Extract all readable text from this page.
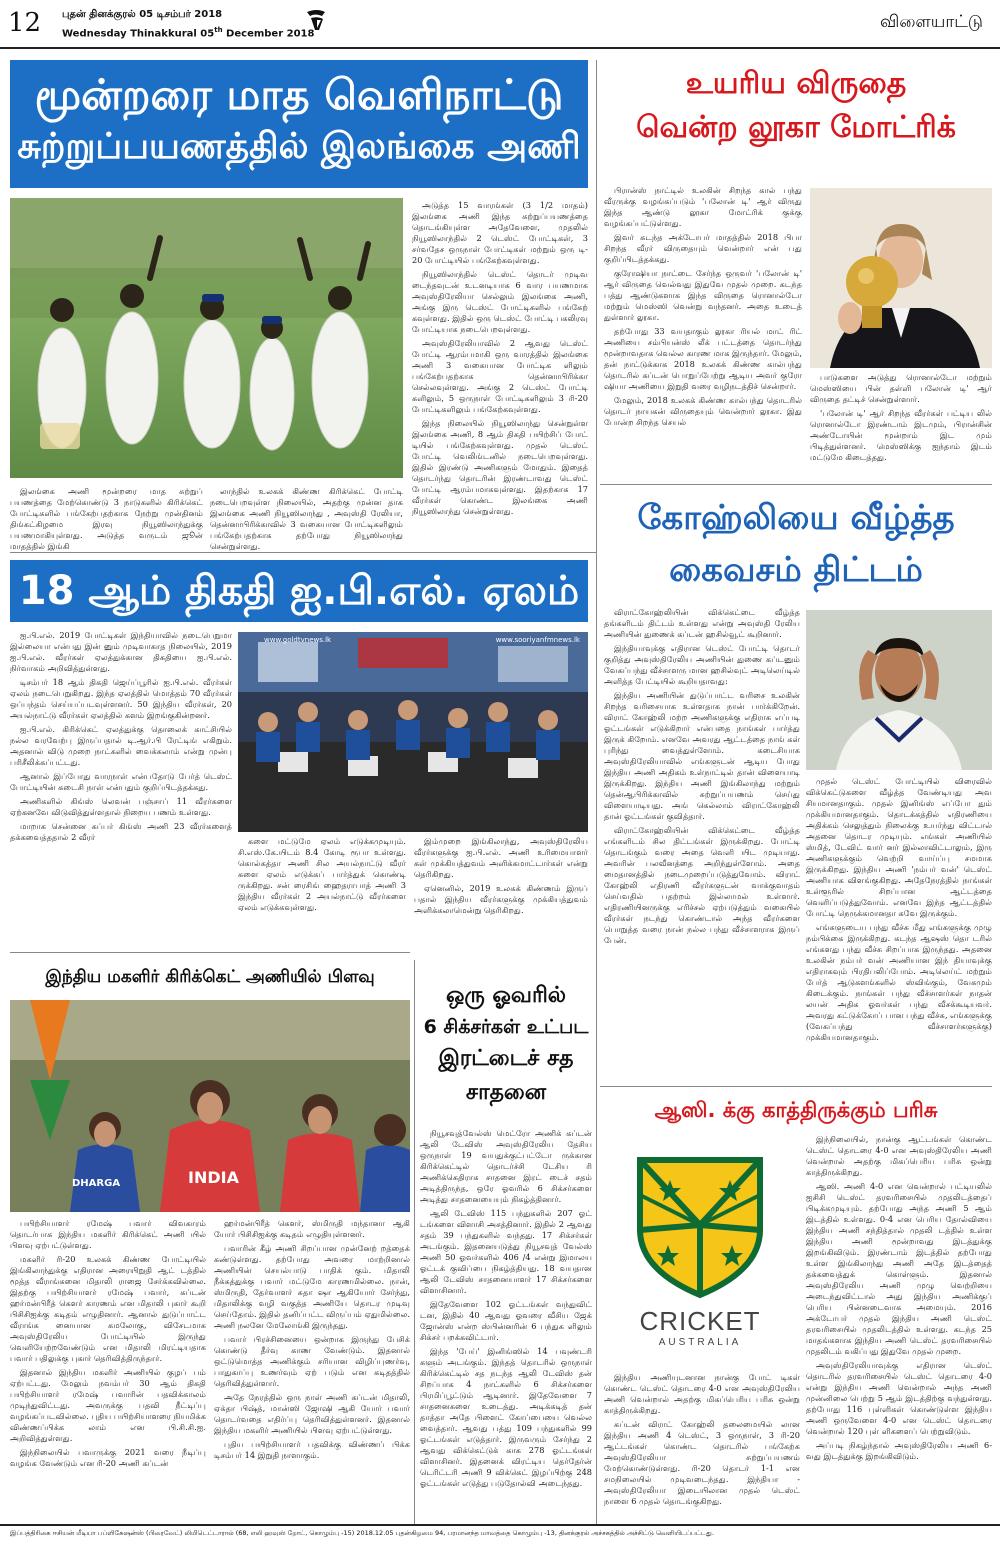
12 புதன் தினக்குரல் 05 டிசம்பர் 2018
Wednesday Thinakkural 05th December 2018
விளையாட்டு
மூன்றரை மாத வெளிநாட்டு
சுற்றுப்பயணத்தில் இலங்கை அணி

இலங்கை அணி மூன்றரை மாத சுற்றுப் பயணத்தை மேற்கொண்டு 3 நாடுகளில் கிரிக்கெட் போட்டிகளில் பங்கேற்பதற்காக நேற்று முன்தினம் திங்கட்கிழமை இரவு நியூஸிலாந்துக்கு பயணமாகியுள்ளது. அடுத்த வருடம் ஜூன் மாதத்தில் இங்கி

லாந்தில் உலகக் கிண்ண கிரிக்கெட் போட்டி நடைபெறவுள்ள நிலையில், அதற்கு முன்ன தாக இலங்கை அணி நியூஸிலாந்து , அவுஸ்தி ரேலியா, தென்னாபிரிக்காவில் 3 வகையான போட்டிகளிலும் பங்கேற்பதற்காக தற்போது நியூஸிலாந்து சென்றுள்ளது.

அடுத்த 15 வாரங்கள் (3 1/2 மாதம்) இலங்கை அணி இந்த சுற்றுப்பயணத்தை தொடங்கியுள்ள அதேவேளை, முதலில் நியூஸிலாந்தில் 2 டெஸ்ட் போட்டிகள், 3 சர்வதேச ஒருநாள் போட்டிகள் மற்றும் ஒரு டி- 20 போட்டியில் பங்கேற்கவுள்ளது.

நியூஸிலாந்தில் டெஸ்ட் தொடர் முடிவ டைந்தவுடன் உடனடியாக 6 வார பயணமாக அவுஸ்திரேலியா செல்லும் இலங்கை அணி, அங்கு இரு டெஸ்ட் போட்டிகளில் பங்கேற் கவுள்ளது. இதில் ஒரு டெஸ்ட் போட்டி பகலிரவு போட்டியாக நடைபெறவுள்ளது.

அவுஸ்திரேலியாவில் 2 ஆவது டெஸ்ட் போட்டி ஆரம்பமாகி ஒரு வாரத்தில் இலங்கை அணி 3 வகையான போட்டிக ளிலும் பங்கேற்பதற்காக தென்னாபிரிக்கா செல்லவுள்ளது. அங்கு 2 டெஸ்ட் போட்டி களிலும், 5 ஒருநாள் போட்டிகளிலும் 3 ரி-20 போட்டிகளிலும் பங்கேற்கவுள்ளது.

இந்த நிலையில் நியூஸிலாந்து சென்றுள்ள இலங்கை அணி, 8 ஆம் திகதி பயிற்சிப் போட் டியில் பங்கேற்கவுள்ளது. முதல் டெஸ்ட் போட்டி வெலிங்டனில் நடைபெறவுள்ளது. இதில் இரண்டு அணிகளும் மோதும். இதைத் தொடர்ந்து தொடரின் இரண்டாவது டெஸ்ட் போட்டி ஆரம்பமாகவுள்ளது. இதற்காக 17 வீரர்கள் கொண்ட இலங்கை அணி நியூஸிலாந்து சென்றுள்ளது.

உயரிய விருதை
வென்ற லூகா மோட்ரிக்

பிரான்ஸ் நாட்டில் உலகின் சிறந்த கால் பந்து வீரருக்கு வழங்கப்படும் 'பலோன் டி' ஆர் விருது இந்த ஆண்டு லூகா மோட்ரிக் குக்கு வழங்கப்பட்டுள்ளது.

இவர் கடந்த அக்டோபர் மாதத்தில் 2018 பிபா சிறந்த வீரர் விருதையும் வென்றார் என் பது குறிப்பிடத்தக்கது.

குரோஷியா நாட்டை சேர்ந்த ஒருவர் 'பலோன் டி' ஆர் விருதை வெல்வது இதுவே முதல் முறை. கடந்த பத்து ஆண்டுகளாக இந்த விருதை ரொனால்டோ மற்றும் மெஸ்ஸி வென்று வந்தனர். அதை உடைத் துள்ளார் லூகா.

தற்போது 33 வயதாகும் லூகா ரியல் மாட் ரிட் அணியை சம்பியன்ஸ் லீக் பட்டத்தை தொடர்ந்து மூன்றாவதாக வெல்ல காரண மாக இருந்தார். மேலும், தன் நாட்டுக்காக 2018 உலகக் கிண்ண கால்பந்து தொடரில் கப்டன் பொறுப்பேற்று ஆடிய அவர் குரோ ஷியா அணியை இறுதி வரை வழிநடத்திச் சென்றார்.

மேலும், 2018 உலகக் கிண்ண கால்பந்து தொடரில் தொடர் நாயகன் விருதையும் வென்றார் லூகா. இது போன்ற சிறந்த செயல்

பாடுகளை அடுத்து ரொனால்டோ மற்றும் மெஸ்ஸியை பின் தள்ளி பலோன் டி' ஆர் விருதை தட்டிச் சென்றுள்ளார்.

'பலோன் டி' ஆர் சிறந்த வீரர்கள் பட்டிய லில் ரொனால்டோ இரண்டாம் இடமும், பிரான்சின் அண்டோயின் மூன்றாம் இட மும் பிடித்துள்ளனர். மெஸ்ஸிக்கு ஐந்தாம் இடம் மட்டுமே கிடைத்தது.

கோஹ்லியை வீழ்த்த
கைவசம் திட்டம்

விராட்கோஹ்லியின் விக்கெட்டை வீழ்த்த தங்களிடம் திட்டம் உள்ளது என்று அவுஸ்தி ரேலிய அணியின் துணைக் கப்டன் ஹசில்வூட் கூறினார்.

இந்தியாவுக்கு எதிரான டெஸ்ட் போட்டி தொடர் குறித்து அவுஸ்திரேலிய அணியின் துணை கப்டனும் வேகப்பந்து வீச்சாளரு மான ஹசில்வுட் அடிலெய்டில் அளித்த பேட்டியில் கூறியதாவது:

இந்திய அணியின் துடுப்பாட்ட வரிசை உலகின் சிறந்த வரிசையாக உள்ளதாக நான் பார்க்கிறேன். விராட் கோஹ்லி மற்ற அணிகளுக்கு எதிராக எப்படி ஓட்டங்கள் எடுக்கிறார் என்பதை நாங்கள் பார்த்து இருக் கிறோம். எனவே அவரது ஆட்டத்தை நாங் கள் புரிந்து வைத்துள்ளோம். கடைசியாக அவுஸ்திரேலியாவில் எங்களுடன் ஆடிய போது இந்திய அணி அதிகம் உள்நாட்டில் தான் விளையாடி இருக்கிறது. இந்திய அணி இங்கிலாந்து மற்றும் தென்ஆபிரிக்காவில் சுற்றுப்பயணம் செய்து விளையாடியது. அங் கெல்லாம் விராட்கோஹ்லி தான் ஓட்டங்கள் குவித்தார்.

விராட்கோஹ்லியின் விக்கெட்டை வீழ்த்த எங்களிடம் சில திட்டங்கள் இருக்கிறது. போட்டி தொடங்கும் வரை அதை வெளி யிட முடியாது. அவரின் பலவீனத்தை அறிந்துள்ளோம். அதை மைதானத்தில் நடைமுறைப்படுத்துவோம். விராட் கோஹ்லி எதிரணி வீரர்களுடன் வாக்குவாதம் செய்வதில் பதற்றம் இல்லாமல் உள்ளார். எதிரணியினருக்கு எரிச்சல் ஏற்படுத்தும் வகையில் வீரர்கள் நடந்து கொண்டால் அந்த வீரர்களை பொறுத்த வரை நான் நல்ல பந்து வீச்சாளராக இருப் பேன்.

முதல் டெஸ்ட் போட்டியில் விரைவில் விக்கெட்டுகளை வீழ்த்த வேண்டியது அவ சியமானதாகும். முதல் இனிங்ஸ் எப்போ தும் முக்கியமானதாகும். தொடக்கத்தில் எதிரணியை அதிக்கம் செலுத்தும் நிலைக்கு உயர்ந்து விட்டால் அதனை தொடர முடியும். எங்கள் அணியில் ஸ்மித், டேவிட் வார் னர் இல்லாவிட்டாலும், இரு அணிகளுக்கும் வெற்றி வாய்ப்பு சமமாக இருக்கிறது. இந்திய அணி 'நம்பர் வன்' டெஸ்ட் அணியாக விளங்குகிறது. அதேநேரத்தில் நாங்கள் உள்ளூரில் சிறப்பான ஆட்டத்தை வெளிப்படுத்துவோம். எனவே இந்த ஆட்டத்தில் போட்டி நெருக்கமானதா கவே இருக்கும்.

எங்களுடைய பந்து வீச்சு மீது எங்களுக்கு முழு நம்பிக்கை இருக்கிறது. கடந்த ஆஷஸ் தொ டரில் எங்களது பந்து வீச்சு சிறப்பாக இருந்தது. அதனை உலகின் நம்பர் வன் அணியான இந் தியாவுக்கு எதிராகவும் பிரதிபலிப்போம். அடிலெய்ட் மற்றும் பேர்த் ஆடுகளங்களில் ஸ்விங்கும், வேகமும் கிடைக்கும். நாங்கள் பந்து வீச்சாளர்கள் நாதன் லயன் அதிக ஓவர்கள் பந்து வீசக்கூடியவர். அவரது கட்டுக்கோப் பான பந்து வீச்சு, எங்களுக்கு (வேகப்பந்து வீச்சாளர்களுக்கு) முக்கியமானதாகும்.

18 ஆம் திகதி ஐ.பி.எல். ஏலம்

ஐ.பி.எல். 2019 போட்டிகள் இந்தியாவில் நடைபெறுமா இல்லையா என்பது இன் னும் முடிவாகாத நிலையில், 2019 ஐ.பி.எல். வீரர்கள் ஏலத்துக்கான திகதியை ஐ.பி.எல். நிர்வாகம் அறிவித்துள்ளது.

டிசம்பர் 18 ஆம் திகதி ஜெய்ப்பூரில் ஐ.பி.எல். வீரர்கள் ஏலம் நடைபெறுகிறது. இந்த ஏலத்தில் மொத்தம் 70 வீரர்கள் ஒப்பந்தம் செய்யப்படவுள்ளனர். 50 இந்திய வீரர்கள், 20 அயல்நாட்டு வீரர்கள் ஏலத்தில் களம் இறங்குகின்றனர்.

ஐ.பி.எல். கிரிக்கெட் ஏலத்துக்கு தொலைக் காட்சியில் நல்ல வரவேற்பு இருப்பதால் டி.ஆர்.பி ரேட்டிங் எகிறும். அதனால் விடு முறை நாட்களில் வைக்கலாம் என்று முன்பு பரிசீலிக்கப்பட்டது.

ஆனால் இப்போது வாரநாள் என்பதோடு பேர்த் டெஸ்ட் போட்டியின் கடைசி நாள் என்பதும் குறிப்பிடத்தக்கது.

அணிகளில் கிங்ஸ் லெவன் பஞ்சாப் 11 வீரர்களை ஏற்கனவே விடுவித்துள்ளதால் நிறைய பணம் உள்ளது.

மாறாக சென்னை சுப்பர் கிங்ஸ் அணி 23 வீரர்களைத் தக்கவைத்ததால் 2 வீரர்

www.goldtvnews.lk	www.sooriyanfmnews.lk

களை மட்டுமே ஏலம் எடுக்கமுடியும். சி.எஸ்.கே.யிடம் 8.4 கோடி ரூபா உள்ளது. கொல்கத்தா அணி சில அயல்நாட்டு வீரர் களை ஏலம் எடுக்கப் பார்த்துக் கொண்டி ருக்கிறது. சன் ரைசிங் ஹைதராபாத் அணி 3 இந்திய வீரர்கள் 2 அயல்நாட்டு வீரர்களை ஏலம் எடுக்கவுள்ளது.

இம்முறை இங்கிலாந்து, அவுஸ்திரேலிய வீரர்களுக்கு ஐ.பி.எல். அணி உரிமையாளர் கள் முக்கியத்துவம் அளிக்கமாட்டார்கள் என்று தெரிகிறது.

ஏனெனில், 2019 உலகக் கிண்ணம் இருப் பதால் இந்திய வீரர்களுக்கு முக்கியத்துவம் அளிக்கலாமென்று தெரிகிறது.

இந்திய மகளிர் கிரிக்கெட் அணியில் பிளவு
INDIA
DHARGA

பயிற்சியாளர் ரமேஷ் பவார் விவகாரம் தொடர்பாக இந்திய மகளிர் கிரிக்கெட் அணி யில் பிளவு ஏற்பட்டுள்ளது.

மகளிர் ரி-20 உலகக் கிண்ண போட்டியில் இங்கிலாந்துக்கு எதிரான அரையிறுதி ஆட் டத்தில் மூத்த வீராங்கனை மிதாலி ராஜை சேர்க்கவில்லை. இதற்கு பயிற்சியாளர் ரமேஷ் பவார், கப்டன் ஹர்மன்பிரீத் கௌர் காரணம் என மிதாலி புகார் கூறி பிசிசிஐக்கு கடிதம் எழுதினார். ஆனால் துடுப்பாட்ட வீராங்க னையான கமலோகு, விசேடமாக அவுஸ்திரேலிய போட்டியில் இருந்து வெளியேற்றவேண்டும் என மிதாலி மிரட்டியதாக பவார் பதிலுக்கு புகார் தெரிவித்திருந்தார்.

இதனால் இந்திய மகளிர் அணியில் குழப் பம் ஏற்பட்டது. மேலும் நவம்பர் 30 ஆம் திகதி பயிற்சியாளர் ரமேஷ் பவாரின் பதவிக்காலம் முடிந்துவிட்டது. அவருக்கு பதவி நீட்டிப்பு வழங்கப்படவில்லை. புதிய பயிற்சியாளரை நியமிக்க விண்ணப்பிக்க லாம் என பி.சி.சி.ஐ. அறிவித்துள்ளது.

இந்நிலையில் பவாருக்கு 2021 வரை நீடிப்பு வழங்க வேண்டும் என ரி-20 அணி கப்டன்

ஹர்மன்பிரீத் கௌர், ஸ்மிருதி மந்தானா ஆகி யோர் பிசிசிஐக்கு கடிதம் எழுதியுள்ளனர்.

பவாரின் கீழ் அணி சிறப்பான முன்னேற் றத்தைக் கண்டுள்ளது. தற்போது அவரை மாற்றினால் அணியின் செயல்பாடு பாதிக் கும். மிதாலி நீக்கத்துக்கு பவார் மட்டுமே காரணமில்லை. நான், ஸ்மிருதி, தேர்வாளர் சுதா ஷா ஆகியோர் சேர்ந்து, மிதாலிக்கு வழி வகுத்த அணியே தொடர முடிவு செய்தோம். இதில் தனிப்பட்ட விருப்பம் ஏதுமில்லை. அணி நலனே மேலோங்கி இருந்தது.

பவார் பிரச்சினையை ஒன்றாக இருந்து பேசிக் கொண்டு தீர்வு காண வேண்டும். இதனால் ஒட்டுமொத்த அணிக்கும் சரியான விழிப்புணர்வு, பாதுகாப்பு உணர்வும் ஏற் படும் என கடிதத்தில் தெரிவித்துள்ளார்.

அதே நேரத்தில் ஒரு நாள் அணி கப்டன் மிதாலி, ஏக்தா பிஷ்த், மான்ஸி ஜோஷி ஆகி யோர் பவார் தொடர்வதை எதிர்ப்பு தெரிவித்துள்ளனர். இதனால் இந்திய மகளிர் அணியில் பிளவு ஏற்பட்டுள்ளது.

புதிய பயிற்சியாளர் பதவிக்கு விண்ணப் பிக்க டிசம்பர் 14 இறுதி நாளாகும்.

ஒரு ஓவரில்
6 சிக்சர்கள் உட்பட
இரட்டைச் சத
சாதனை

நியூசவுத்வேல்ஸ் மெட்ரோ அணிக் கப்டன் ஆலி டேவிஸ் அவுஸ்திரேலிய தேசிய ஒருநாள் 19 வயதுக்குட்பட்டோ ருக்கான கிரிக்கெட்டில் தொடர்ச்சி டேசிய ரி அணிக்கெதிராக சாதனை இரட் டைச் சதம் அடித்திருந்த, ஒரே ஓவரில் 6 சிக்சர்களை அடித்து சாதனையையும் நிகழ்த்தினார்.

ஆலி டேவிஸ் 115 பந்துகளில் 207 ஓட் டங்களை விளாசி அசத்தினார். இதில் 2 ஆவது சதம் 39 பந்துகளில் வந்தது. 17 சிக்சர்கள் அடங்கும். இதனையடுத்து நியூசவுத் வேல்ஸ் அணி 50 ஓவர்களில் 406 /4 என்று இமாலய ஓட்டக் குவிப்பை நிகழ்த்தியது. 18 வயதான ஆலி டேவிஸ் சாதனையாளர் 17 சிக்சர்களை விளாசினார்.

இதேவேளை 102 ஓட்டங்கள் வந்துவிட் டன, இதில் 40 ஆவது ஓவரை வீசிய ஜேக் ஜோன்ஸ் என்ற ஸ்பின்னரின் 6 பந்துக ளிலும் சிக்சர் பறக்கவிட்டார்.

இந்த 'பேய்' இனிங்ஸில் 14 பவுண்டரி களும் அடங்கும். இந்தத் தொடரில் ஒருநாள் கிரிக்கெட்டில் சத நடந்த ஆலி டேவிஸ் தன் சிறப்பாக 4 நாட்களில் 6 சிக்சர்களை பிரமிப்பூட்டும் ஆடினார். இதேவேளை 7 சாதனைகளை உடைத்து. அடிக்கடித் தன் தாத்தா அதே பிளைட் கோப்பையை வெல்ல வைத்தார். ஆவது பத்து 109 பந்துகளில் 99 ஓட்டங்கள் எடுத்தார். இருவரும் சேர்ந்து 2 ஆவது விக்கெட்டுக் காக 278 ஓட்டங்கள் விளாசினர். இதனைக் விரட்டிய தெர்தேர்ன் டெரிட்டரி அணி 9 விக்கெட் இழப்பிற்கு 248 ஓட்டங்கள் எடுத்து படுதோல்வி அடைந்தது.

ஆஸி. க்கு காத்திருக்கும் பரிசு
CRICKET
AUSTRALIA

இந்திய அணியுடனான நான்கு போட் டிகள் கொண்ட டெஸ்ட் தொடரை 4-0 என அவுஸ்திரேலிய அணி வென்றால் அதற்கு மிகப்பெரிய பரிசு ஒன்று காத்திருக்கிறது.

கப்டன் விராட் கோஹ்லி தலைமையில் லான இந்திய அணி 4 டெஸ்ட், 3 ஒருநாள், 3 ரி-20 ஆட்டங்கள் கொண்ட தொடரில் பங்கேற்க அவுஸ்திரேலியா சுற்றுப்பயணம் மேற்கொண்டுள்ளது. ரி-20 தொடர் 1-1 என சமநிலையில் முடிவடைந்தது. இந்தியா - அவுஸ்திரேலியா இடையிலான முதல் டெஸ்ட் நாளை 6 முதல் தொடங்குகிறது.

இந்நிலையில், நான்கு ஆட்டங்கள் கொண்ட டெஸ்ட் தொடரை 4-0 என அவுஸ்திரேலிய அணி வென்றால் அதற்கு மிகப்பெரிய பரிசு ஒன்று காத்திருக்கிறது.

ஆஸி. அணி 4-0 என வென்றால் பட்டியலில் ஐசிசி டெஸ்ட் தரவரிசையில் முதலிடத்தைப் பிடிக்கமுடியும். தற்போது அந்த அணி 5 ஆம் இடத்தில் உள்ளது. 0-4 என பெரிய தோல்வியை இந்திய அணி சந்தித்தால் முதலி டத்தில் உள்ள இந்திய அணி மூன்றாவது இடத்துக்கு இறங்கிவிடும். இரண்டாம் இடத்தில் தற்போது உள்ள இங்கிலாந்து அணி அதே இடத்தைத் தக்கவைத்துக் கொள்ளும். இதனால் அவுஸ்திரேலிய அணி முழு வெற்றியை அடைந்துவிட்டால் அது இந்திய அணிக்குப் பெரிய பின்னடைவாக அமையும். 2016 அக்டோபர் முதல் இந்திய அணி டெஸ்ட் தரவரிசையில் முதலிடத்தில் உள்ளது. கடந்த 25 மாதங்களாக இந்திய அணி டெஸ்ட் தரவரிசையில் முதலிடம் வகிப்பது இதுவே முதல் முறை.

அவுஸ்திரேலியாவுக்கு எதிரான டெஸ்ட் தொடரில் தரவரிசையில் டெஸ்ட் தொடரை 4-0 என்று இந்திய அணி வென்றால் அந்த அணி முன்னிலை பெற்று 5 ஆம் இடத்திற்கு வந்துள்ளது. தற்போது 116 புள்ளிகள் கொண்டுள்ள இந்திய அணி ஒருவேளை 4-0 என டெஸ்ட் தொடரை வென்றால் 120 புள் ளிகளைப் பெற்றுவிடும்.

அப்படி நிகழ்ந்தால் அவுஸ்திரேலிய அணி 6-வது இடத்துக்கு இறங்கிவிடும்.

இப்பத்திரிகை ஈசியன் மீடியா பப்ளிகேஷன்ஸ் (பிரைவேட்) லிமிடெட்டாரால் (68, எலி ஹவுஸ் றோட், கொழும்பு -15) 2018.12.05 புதன்கிழமை 94, பரமானந்த மாவத்தை கொழும்பு -13, தினக்குரல் அச்சகத்தில் அச்சிட்டு வெளியிடப்பட்டது.
